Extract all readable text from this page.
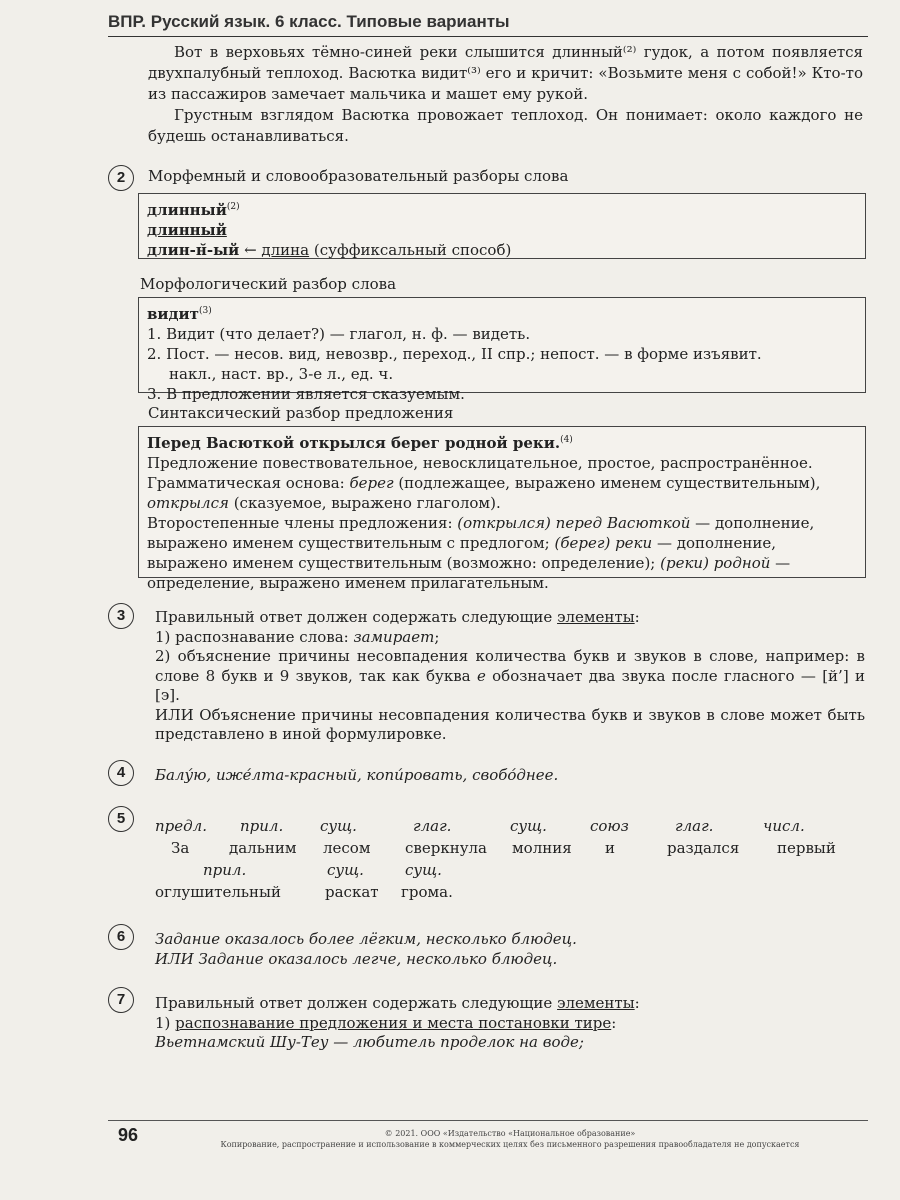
ВПР. Русский язык. 6 класс. Типовые варианты

Вот в верховьях тёмно-синей реки слышится длинный⁽²⁾ гудок, а потом появляется двухпалубный теплоход. Васютка видит⁽³⁾ его и кричит: «Возьмите меня с собой!» Кто-то из пассажиров замечает мальчика и машет ему рукой.

Грустным взглядом Васютка провожает теплоход. Он понимает: около каждого не будешь останавливаться.

2	Морфемный и словообразовательный разборы слова

длинный$^{(2)}$

длинный

длин-н̆-ый ← длина (суффиксальный способ)

Морфологический разбор слова

видит$^{(3)}$

1. Видит (что делает?) — глагол, н. ф. — видеть.

2. Пост. — несов. вид, невозвр., переход., II спр.; непост. — в форме изъявит.

накл., наст. вр., 3-е л., ед. ч.

3. В предложении является сказуемым.

Синтаксический разбор предложения

Перед Васюткой открылся берег родной реки.$^{(4)}$

Предложение повествовательное, невосклицательное, простое, распространённое.

Грамматическая основа: берег (подлежащее, выражено именем существительным), открылся (сказуемое, выражено глаголом).

Второстепенные члены предложения: (открылся) перед Васюткой — дополнение, выражено именем существительным с предлогом; (берег) реки — дополнение, выражено именем существительным (возможно: определение); (реки) родной — определение, выражено именем прилагательным.

3	Правильный ответ должен содержать следующие элементы:

1) распознавание слова: замирает;

2) объяснение причины несовпадения количества букв и звуков в слове, например: в слове 8 букв и 9 звуков, так как буква е обозначает два звука после гласного — [й’] и [э].

ИЛИ Объяснение причины несовпадения количества букв и звуков в слове может быть представлено в иной формулировке.

4	Балу́ю, иже́лта-красный, копи́ровать, свобо́днее.
5	предл. прил. сущ.	глаг.	сущ.	союз	глаг.	числ.
За	дальним лесом сверкнула молния и	раздался	первый
прил.	сущ.	сущ.
оглушительный	раскат грома.
6	Задание оказалось более лёгким, несколько блюдец.

ИЛИ Задание оказалось легче, несколько блюдец.

7	Правильный ответ должен содержать следующие элементы:

1) распознавание предложения и места постановки тире:

Вьетнамский Шу-Теу — любитель проделок на воде;

96	© 2021. ООО «Издательство «Национальное образование»
Копирование, распространение и использование в коммерческих целях без письменного разрешения правообладателя не допускается
